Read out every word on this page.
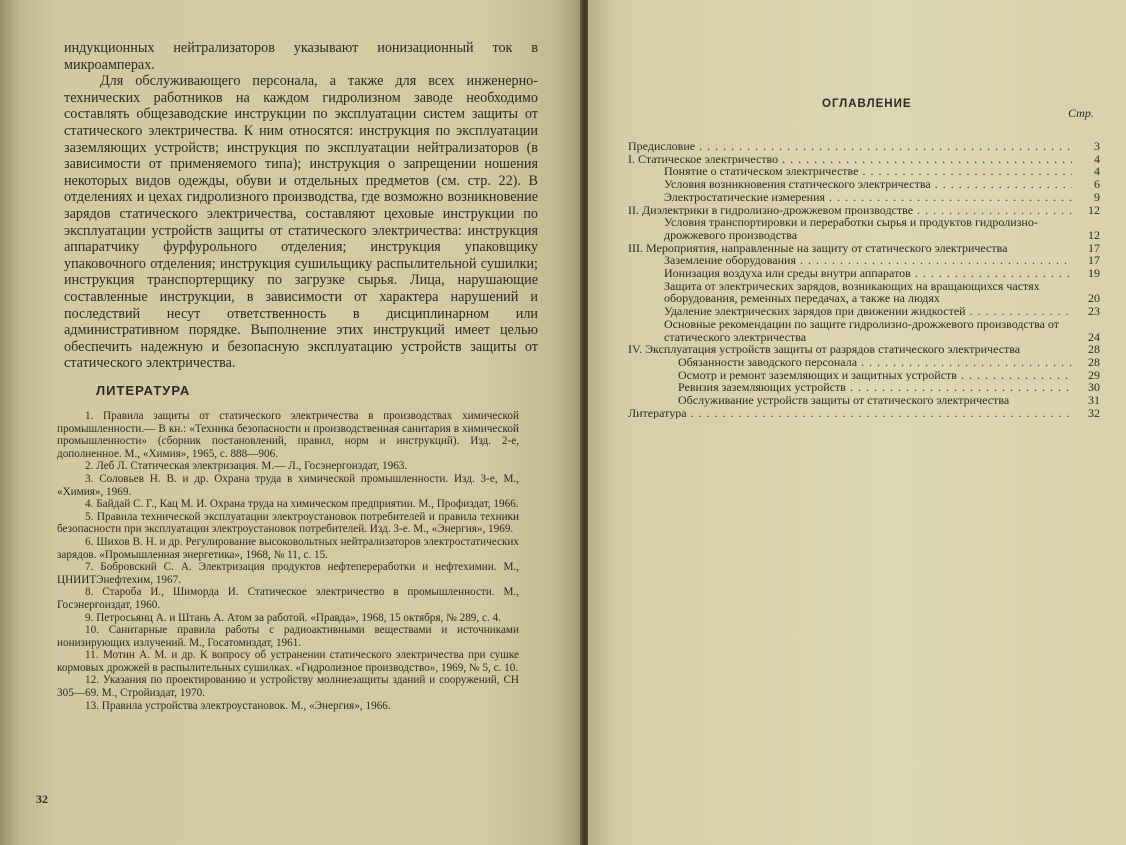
индукционных нейтрализаторов указывают ионизационный ток в микроамперах.

Для обслуживающего персонала, а также для всех инженерно-технических работников на каждом гидролизном заводе необходимо составлять общезаводские инструкции по эксплуатации систем защиты от статического электричества. К ним относятся: инструкция по эксплуатации заземляющих устройств; инструкция по эксплуатации нейтрализаторов (в зависимости от применяемого типа); инструкция о запрещении ношения некоторых видов одежды, обуви и отдельных предметов (см. стр. 22). В отделениях и цехах гидролизного производства, где возможно возникновение зарядов статического электричества, составляют цеховые инструкции по эксплуатации устройств защиты от статического электричества: инструкция аппаратчику фурфурольного отделения; инструкция упаковщику упаковочного отделения; инструкция сушильщику распылительной сушилки; инструкция транспортерщику по загрузке сырья. Лица, нарушающие составленные инструкции, в зависимости от характера нарушений и последствий несут ответственность в дисциплинарном или административном порядке. Выполнение этих инструкций имеет целью обеспечить надежную и безопасную эксплуатацию устройств защиты от статического электричества.

ЛИТЕРАТУРА

1. Правила защиты от статического электричества в производствах химической промышленности.— В кн.: «Техника безопасности и производственная санитария в химической промышленности» (сборник постановлений, правил, норм и инструкций). Изд. 2-е, дополненное. М., «Химия», 1965, с. 888—906.

2. Леб Л. Статическая электризация. М.— Л., Госэнергоиздат, 1963.

3. Соловьев Н. В. и др. Охрана труда в химической промышленности. Изд. 3-е, М., «Химия», 1969.

4. Байдай С. Г., Кац М. И. Охрана труда на химическом предприятии. М., Профиздат, 1966.

5. Правила технической эксплуатации электроустановок потребителей и правила техники безопасности при эксплуатации электроустановок потребителей. Изд. 3-е. М., «Энергия», 1969.

6. Шихов В. Н. и др. Регулирование высоковольтных нейтрализаторов электростатических зарядов. «Промышленная энергетика», 1968, № 11, с. 15.

7. Бобровский С. А. Электризация продуктов нефтепереработки и нефтехимии. М., ЦНИИТЭнефтехим, 1967.

8. Староба И., Шиморда И. Статическое электричество в промышленности. М., Госэнергоиздат, 1960.

9. Петросьянц А. и Штань А. Атом за работой. «Правда», 1968, 15 октября, № 289, с. 4.

10. Санитарные правила работы с радиоактивными веществами и источниками ионизирующих излучений. М., Госатомиздат, 1961.

11. Мотин А. М. и др. К вопросу об устранении статического электричества при сушке кормовых дрожжей в распылительных сушилках. «Гидролизное производство», 1969, № 5, с. 10.

12. Указания по проектированию и устройству молниезащиты зданий и сооружений, СН 305—69. М., Стройиздат, 1970.

13. Правила устройства электроустановок. М., «Энергия», 1966.

32
ОГЛАВЛЕНИЕ
Стр.
Предисловие . . .	3
I. Статическое электричество . . .	4
Понятие о статическом электричестве . . .	4
Условия возникновения статического электричества . . .	6
Электростатические измерения . . .	9
II. Диэлектрики в гидролизно-дрожжевом производстве . . .	12
Условия транспортировки и переработки сырья и продуктов гидролизно-дрожжевого производства	12
III. Мероприятия, направленные на защиту от статического электричества	17
Заземление оборудования . . .	17
Ионизация воздуха или среды внутри аппаратов . . .	19
Защита от электрических зарядов, возникающих на вращающихся частях оборудования, ременных передачах, а также на людях	20
Удаление электрических зарядов при движении жидкостей . . .	23
Основные рекомендации по защите гидролизно-дрожжевого производства от статического электричества	24
IV. Эксплуатация устройств защиты от разрядов статического электричества	28
Обязанности заводского персонала . . .	28
Осмотр и ремонт заземляющих и защитных устройств . . .	29
Ревизия заземляющих устройств . . .	30
Обслуживание устройств защиты от статического электричества	31
Литература . . .	32
